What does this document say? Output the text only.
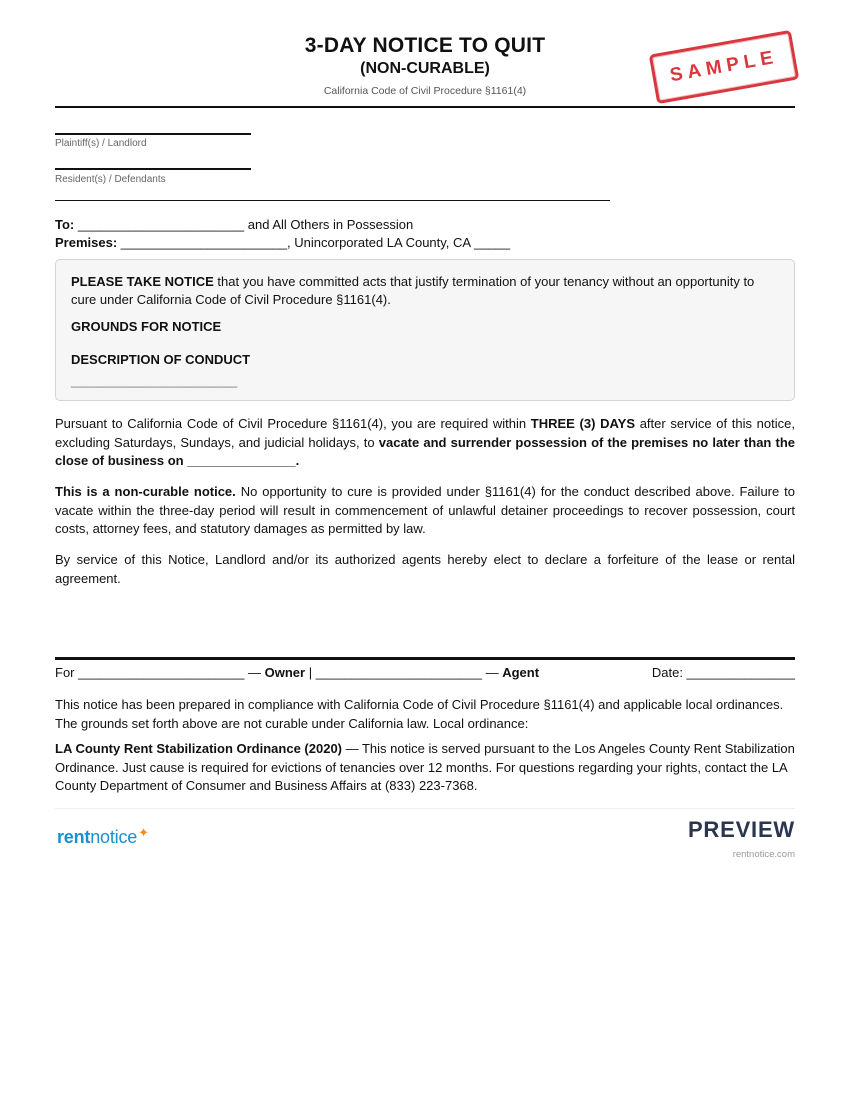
3-DAY NOTICE TO QUIT
(NON-CURABLE)
California Code of Civil Procedure §1161(4)
SAMPLE
Plaintiff(s) / Landlord
Resident(s) / Defendants
To: _______________________ and All Others in Possession
Premises: _______________________, Unincorporated LA County, CA _____
PLEASE TAKE NOTICE that you have committed acts that justify termination of your tenancy without an opportunity to cure under California Code of Civil Procedure §1161(4).
GROUNDS FOR NOTICE
DESCRIPTION OF CONDUCT
_______________________
Pursuant to California Code of Civil Procedure §1161(4), you are required within THREE (3) DAYS after service of this notice, excluding Saturdays, Sundays, and judicial holidays, to vacate and surrender possession of the premises no later than the close of business on _______________.
This is a non-curable notice. No opportunity to cure is provided under §1161(4) for the conduct described above. Failure to vacate within the three-day period will result in commencement of unlawful detainer proceedings to recover possession, court costs, attorney fees, and statutory damages as permitted by law.
By service of this Notice, Landlord and/or its authorized agents hereby elect to declare a forfeiture of the lease or rental agreement.
For _______________________ — Owner | _______________________ — Agent	Date: _______________
This notice has been prepared in compliance with California Code of Civil Procedure §1161(4) and applicable local ordinances. The grounds set forth above are not curable under California law. Local ordinance:
LA County Rent Stabilization Ordinance (2020) — This notice is served pursuant to the Los Angeles County Rent Stabilization Ordinance. Just cause is required for evictions of tenancies over 12 months. For questions regarding your rights, contact the LA County Department of Consumer and Business Affairs at (833) 223-7368.
rentnotice✦	PREVIEW
rentnotice.com
